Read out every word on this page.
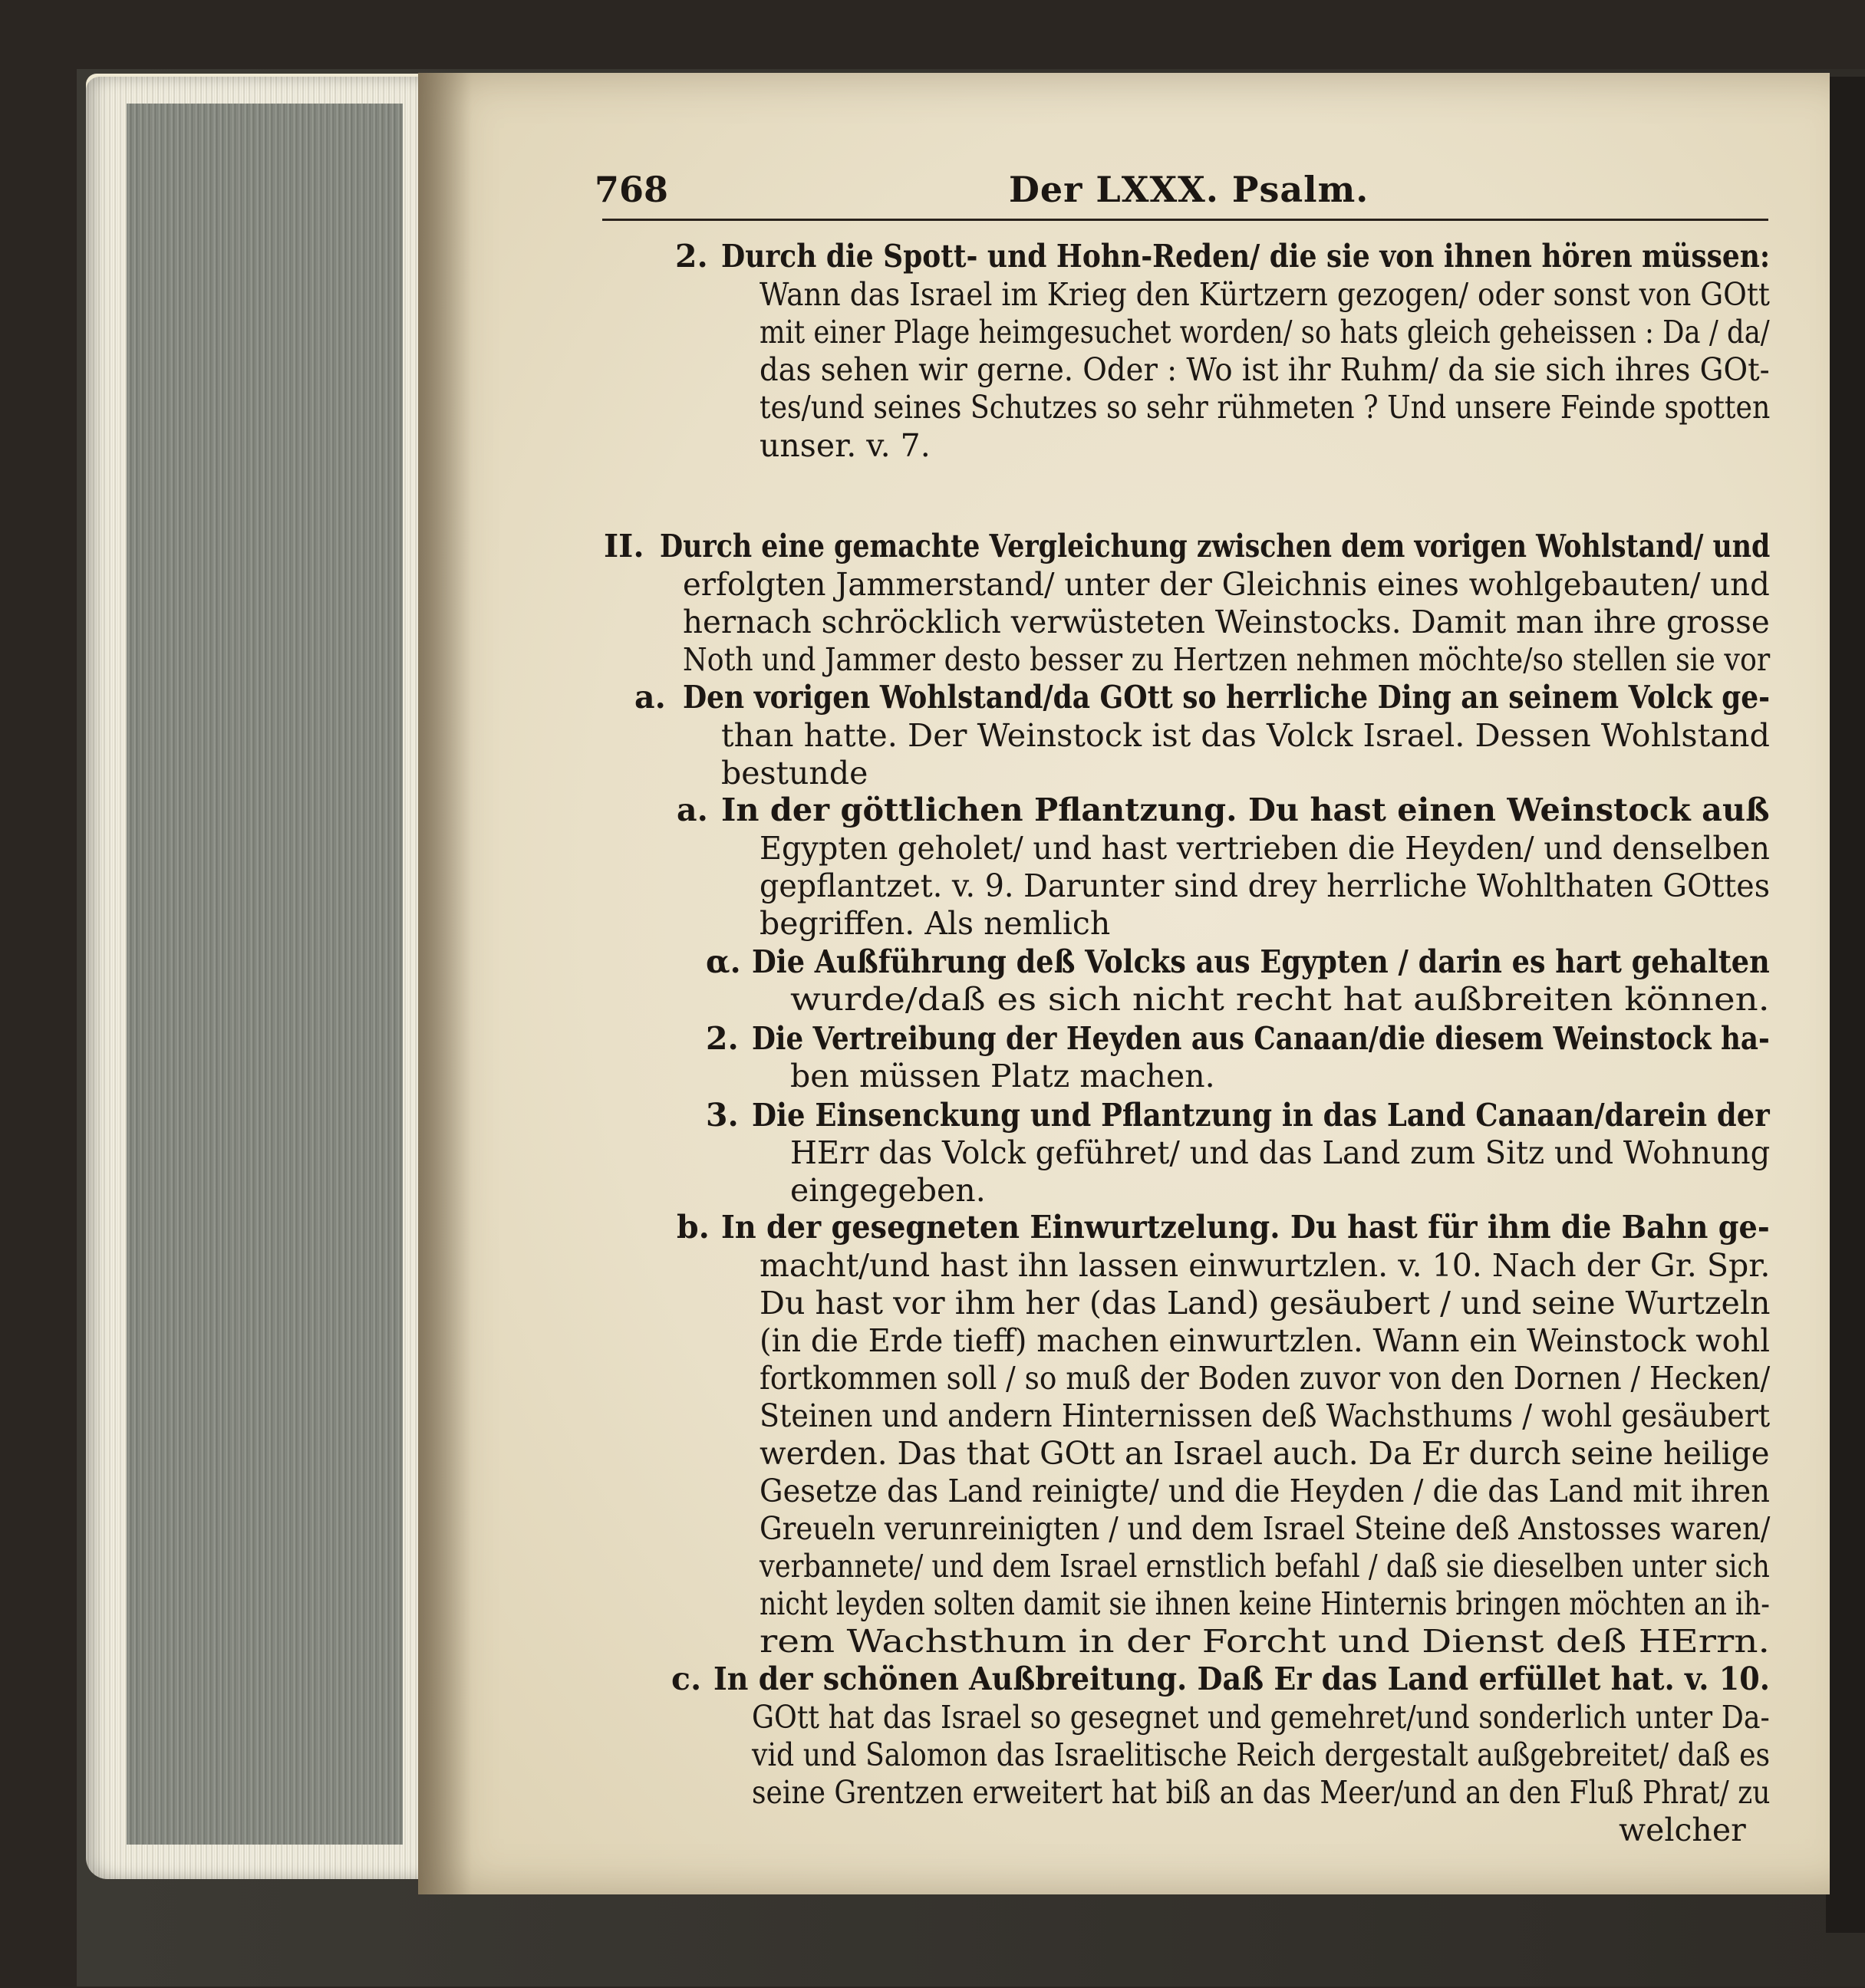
768	Der LXXX. Psalm.
2.
II.
a.
a.
α.
2.
3.
b.
c.
Durch die Spott- und Hohn-Reden/ die sie von ihnen hören müssen:
Wann das Israel im Krieg den Kürtzern gezogen/ oder sonst von GOtt
mit einer Plage heimgesuchet worden/ so hats gleich geheissen : Da / da/
das sehen wir gerne. Oder : Wo ist ihr Ruhm/ da sie sich ihres GOt-
tes/und seines Schutzes so sehr rühmeten ? Und unsere Feinde spotten
unser. v. 7.
Durch eine gemachte Vergleichung zwischen dem vorigen Wohlstand/ und
erfolgten Jammerstand/ unter der Gleichnis eines wohlgebauten/ und
hernach schröcklich verwüsteten Weinstocks. Damit man ihre grosse
Noth und Jammer desto besser zu Hertzen nehmen möchte/so stellen sie vor
Den vorigen Wohlstand/da GOtt so herrliche Ding an seinem Volck ge-
than hatte. Der Weinstock ist das Volck Israel. Dessen Wohlstand
bestunde
In der göttlichen Pflantzung. Du hast einen Weinstock auß
Egypten geholet/ und hast vertrieben die Heyden/ und denselben
gepflantzet. v. 9. Darunter sind drey herrliche Wohlthaten GOttes
begriffen. Als nemlich
Die Außführung deß Volcks aus Egypten / darin es hart gehalten
wurde/daß es sich nicht recht hat außbreiten können.
Die Vertreibung der Heyden aus Canaan/die diesem Weinstock ha-
ben müssen Platz machen.
Die Einsenckung und Pflantzung in das Land Canaan/darein der
HErr das Volck geführet/ und das Land zum Sitz und Wohnung
eingegeben.
In der gesegneten Einwurtzelung. Du hast für ihm die Bahn ge-
macht/und hast ihn lassen einwurtzlen. v. 10. Nach der Gr. Spr.
Du hast vor ihm her (das Land) gesäubert / und seine Wurtzeln
(in die Erde tieff) machen einwurtzlen. Wann ein Weinstock wohl
fortkommen soll / so muß der Boden zuvor von den Dornen / Hecken/
Steinen und andern Hinternissen deß Wachsthums / wohl gesäubert
werden. Das that GOtt an Israel auch. Da Er durch seine heilige
Gesetze das Land reinigte/ und die Heyden / die das Land mit ihren
Greueln verunreinigten / und dem Israel Steine deß Anstosses waren/
verbannete/ und dem Israel ernstlich befahl / daß sie dieselben unter sich
nicht leyden solten damit sie ihnen keine Hinternis bringen möchten an ih-
rem Wachsthum in der Forcht und Dienst deß HErrn.
In der schönen Außbreitung. Daß Er das Land erfüllet hat. v. 10.
GOtt hat das Israel so gesegnet und gemehret/und sonderlich unter Da-
vid und Salomon das Israelitische Reich dergestalt außgebreitet/ daß es
seine Grentzen erweitert hat biß an das Meer/und an den Fluß Phrat/ zu
welcher
